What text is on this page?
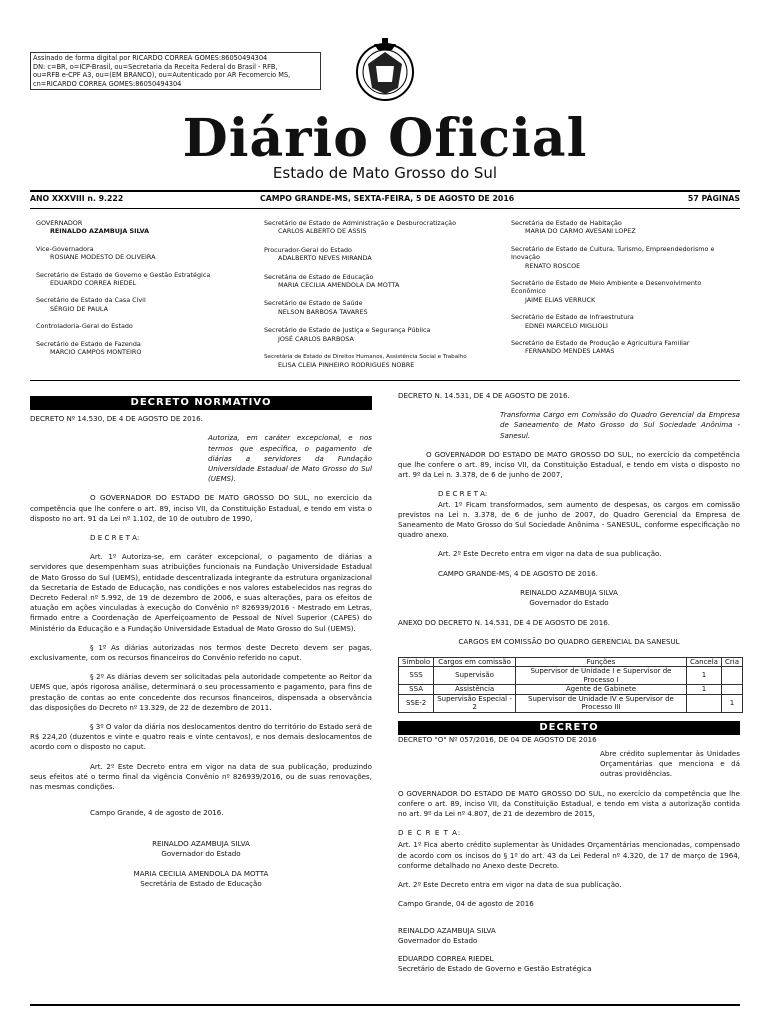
Assinado de forma digital por RICARDO CORREA GOMES:86050494304
DN: c=BR, o=ICP-Brasil, ou=Secretaria da Receita Federal do Brasil - RFB,
ou=RFB e-CPF A3, ou=(EM BRANCO), ou=Autenticado por AR Fecomercio MS,
cn=RICARDO CORREA GOMES:86050494304
Diário Oficial
Estado de Mato Grosso do Sul
ANO XXXVIII n. 9.222	CAMPO GRANDE-MS, SEXTA-FEIRA, 5 DE AGOSTO DE 2016	57 PÁGINAS
GOVERNADOR
REINALDO AZAMBUJA SILVA
Vice-Governadora
ROSIANE MODESTO DE OLIVEIRA
Secretário de Estado de Governo e Gestão Estratégica
EDUARDO CORREA RIEDEL
Secretário de Estado da Casa Civil
SÉRGIO DE PAULA
Controladoria-Geral do Estado
Secretário de Estado de Fazenda
MARCIO CAMPOS MONTEIRO
Secretário de Estado de Administração e Desburocratização
CARLOS ALBERTO DE ASSIS
Procurador-Geral do Estado
ADALBERTO NEVES MIRANDA
Secretária de Estado de Educação
MARIA CECILIA AMENDOLA DA MOTTA
Secretário de Estado de Saúde
NELSON BARBOSA TAVARES
Secretário de Estado de Justiça e Segurança Pública
JOSÉ CARLOS BARBOSA
Secretária de Estado de Direitos Humanos, Assistência Social e Trabalho
ELISA CLEIA PINHEIRO RODRIGUES NOBRE
Secretária de Estado de Habitação
MARIA DO CARMO AVESANI LOPEZ
Secretário de Estado de Cultura, Turismo, Empreendedorismo e Inovação
RENATO ROSCOE
Secretário de Estado de Meio Ambiente e Desenvolvimento Econômico
JAIME ELIAS VERRUCK
Secretário de Estado de Infraestrutura
EDNEI MARCELO MIGLIOLI
Secretário de Estado de Produção e Agricultura Familiar
FERNANDO MENDES LAMAS
DECRETO NORMATIVO

DECRETO Nº 14.530, DE 4 DE AGOSTO DE 2016.

Autoriza, em caráter excepcional, e nos termos que especifica, o pagamento de diárias a servidores da Fundação Universidade Estadual de Mato Grosso do Sul (UEMS).

O GOVERNADOR DO ESTADO DE MATO GROSSO DO SUL, no exercício da competência que lhe confere o art. 89, inciso VII, da Constituição Estadual, e tendo em vista o disposto no art. 91 da Lei nº 1.102, de 10 de outubro de 1990,

D E C R E T A:

Art. 1º Autoriza-se, em caráter excepcional, o pagamento de diárias a servidores que desempenham suas atribuições funcionais na Fundação Universidade Estadual de Mato Grosso do Sul (UEMS), entidade descentralizada integrante da estrutura organizacional da Secretaria de Estado de Educação, nas condições e nos valores estabelecidos nas regras do Decreto Federal nº 5.992, de 19 de dezembro de 2006, e suas alterações, para os efeitos de atuação em ações vinculadas à execução do Convênio nº 826939/2016 - Mestrado em Letras, firmado entre a Coordenação de Aperfeiçoamento de Pessoal de Nível Superior (CAPES) do Ministério da Educação e a Fundação Universidade Estadual de Mato Grosso do Sul (UEMS).

§ 1º As diárias autorizadas nos termos deste Decreto devem ser pagas, exclusivamente, com os recursos financeiros do Convênio referido no caput.

§ 2º As diárias devem ser solicitadas pela autoridade competente ao Reitor da UEMS que, após rigorosa análise, determinará o seu processamento e pagamento, para fins de prestação de contas ao ente concedente dos recursos financeiros, dispensada a observância das disposições do Decreto nº 13.329, de 22 de dezembro de 2011.

§ 3º O valor da diária nos deslocamentos dentro do território do Estado será de R$ 224,20 (duzentos e vinte e quatro reais e vinte centavos), e nos demais deslocamentos de acordo com o disposto no caput.

Art. 2º Este Decreto entra em vigor na data de sua publicação, produzindo seus efeitos até o termo final da vigência Convênio nº 826939/2016, ou de suas renovações, nas mesmas condições.

Campo Grande, 4 de agosto de 2016.

REINALDO AZAMBUJA SILVA
Governador do Estado
MARIA CECILIA AMENDOLA DA MOTTA
Secretária de Estado de Educação

DECRETO N. 14.531, DE 4 DE AGOSTO DE 2016.

Transforma Cargo em Comissão do Quadro Gerencial da Empresa de Saneamento de Mato Grosso do Sul Sociedade Anônima - Sanesul.

O GOVERNADOR DO ESTADO DE MATO GROSSO DO SUL, no exercício da competência que lhe confere o art. 89, inciso VII, da Constituição Estadual, e tendo em vista o disposto no art. 9º da Lei n. 3.378, de 6 de junho de 2007,

D E C R E T A:

Art. 1º Ficam transformados, sem aumento de despesas, os cargos em comissão previstos na Lei n. 3.378, de 6 de junho de 2007, do Quadro Gerencial da Empresa de Saneamento de Mato Grosso do Sul Sociedade Anônima - SANESUL, conforme especificação no quadro anexo.

Art. 2º Este Decreto entra em vigor na data de sua publicação.

CAMPO GRANDE-MS, 4 DE AGOSTO DE 2016.

REINALDO AZAMBUJA SILVA
Governador do Estado

ANEXO DO DECRETO N. 14.531, DE 4 DE AGOSTO DE 2016.

CARGOS EM COMISSÃO DO QUADRO GERENCIAL DA SANESUL

Símbolo	Cargos em comissão	Funções	Cancela	Cria
SSS	Supervisão	Supervisor de Unidade I e Supervisor de Processo I	1	
SSA	Assistência	Agente de Gabinete	1	
SSE-2	Supervisão Especial - 2	Supervisor de Unidade IV e Supervisor de Processo III		1
DECRETO

DECRETO "O" Nº 057/2016, DE 04 DE AGOSTO DE 2016

Abre crédito suplementar às Unidades Orçamentárias que menciona e dá outras providências.

O GOVERNADOR DO ESTADO DE MATO GROSSO DO SUL, no exercício da competência que lhe confere o art. 89, inciso VII, da Constituição Estadual, e tendo em vista a autorização contida no art. 9º da Lei nº 4.807, de 21 de dezembro de 2015,

D E C R E T A:

Art. 1º Fica aberto crédito suplementar às Unidades Orçamentárias mencionadas, compensado de acordo com os incisos do § 1º do art. 43 da Lei Federal nº 4.320, de 17 de março de 1964, conforme detalhado no Anexo deste Decreto.

Art. 2º Este Decreto entra em vigor na data de sua publicação.

Campo Grande, 04 de agosto de 2016

REINALDO AZAMBUJA SILVA
Governador do Estado
EDUARDO CORREA RIEDEL
Secretário de Estado de Governo e Gestão Estratégica
